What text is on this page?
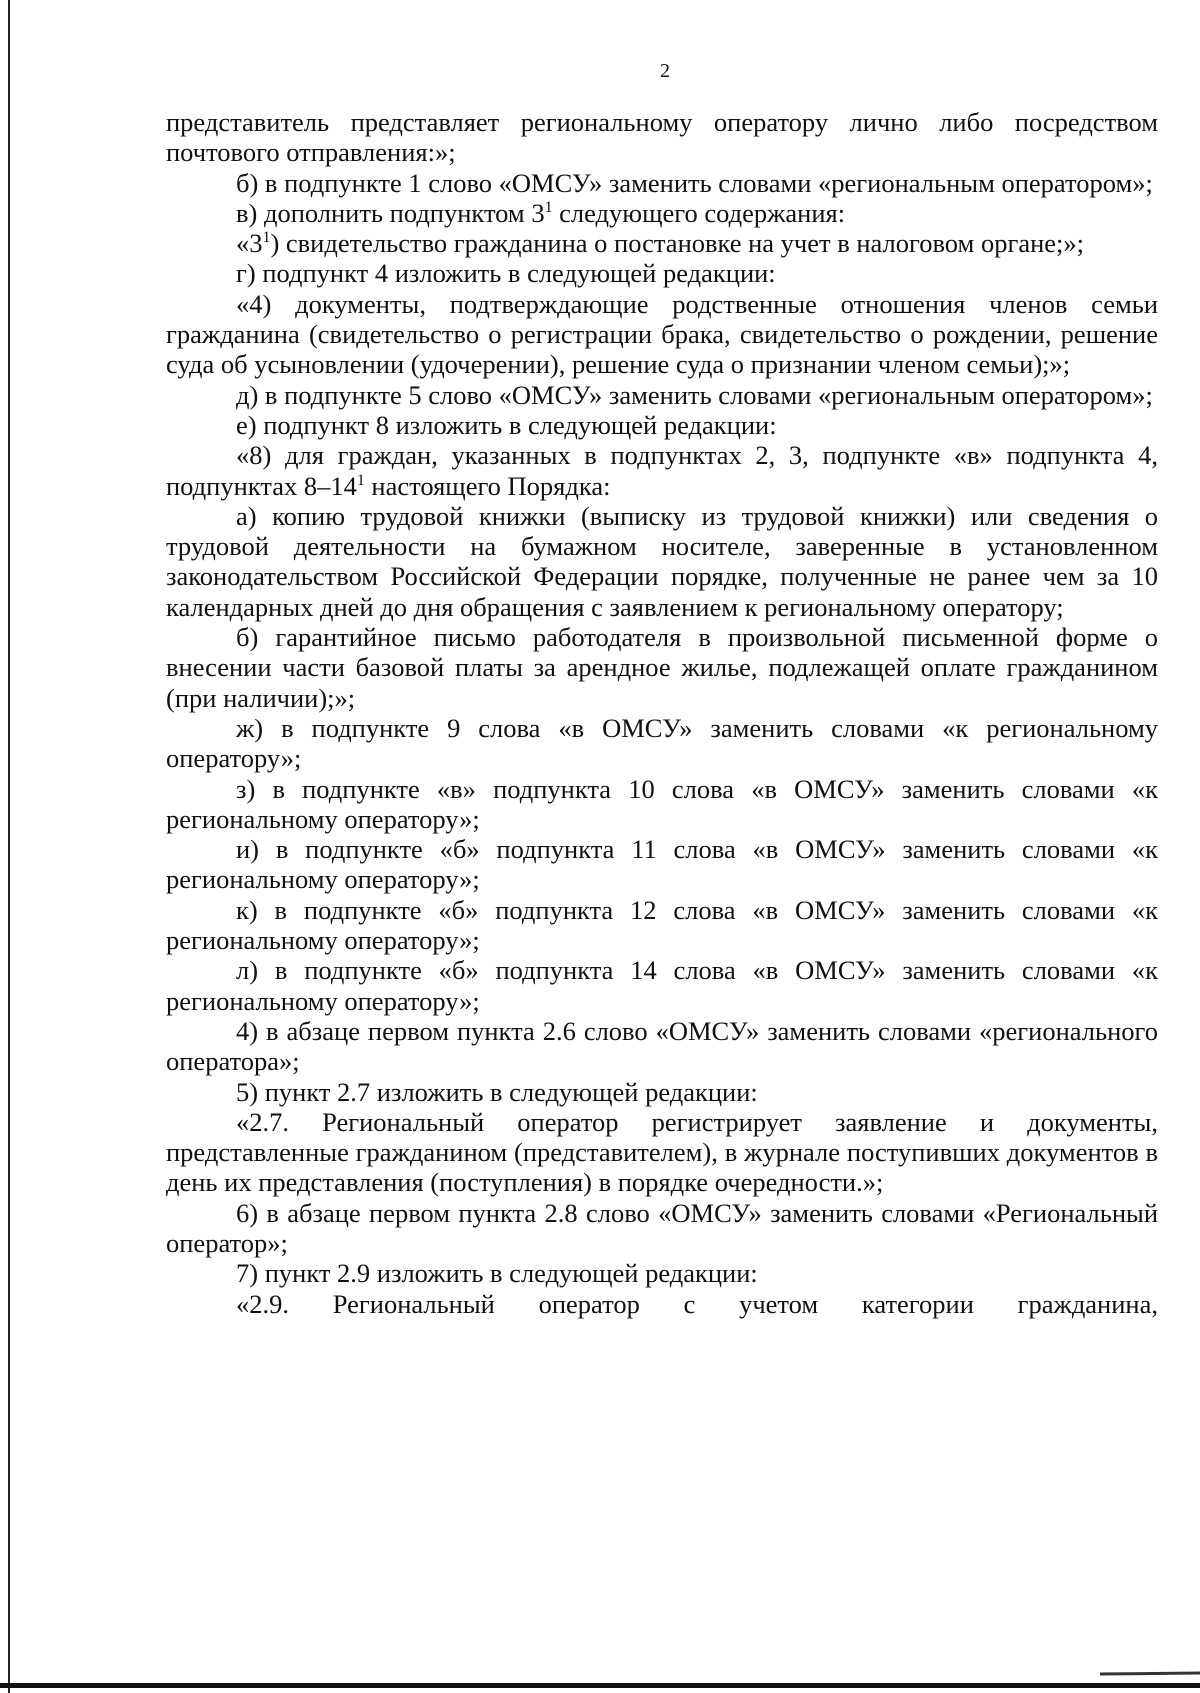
2

представитель представляет региональному оператору лично либо посредством почтового отправления:»;

б) в подпункте 1 слово «ОМСУ» заменить словами «региональным оператором»;

в) дополнить подпунктом $3^1$ следующего содержания:

«$3^1$) свидетельство гражданина о постановке на учет в налоговом органе;»;

г) подпункт 4 изложить в следующей редакции:

«4) документы, подтверждающие родственные отношения членов семьи гражданина (свидетельство о регистрации брака, свидетельство о рождении, решение суда об усыновлении (удочерении), решение суда о признании членом семьи);»;

д) в подпункте 5 слово «ОМСУ» заменить словами «региональным оператором»;

е) подпункт 8 изложить в следующей редакции:

«8) для граждан, указанных в подпунктах 2, 3, подпункте «в» подпункта 4, подпунктах $8-14^1$ настоящего Порядка:

а) копию трудовой книжки (выписку из трудовой книжки) или сведения о трудовой деятельности на бумажном носителе, заверенные в установленном законодательством Российской Федерации порядке, полученные не ранее чем за 10 календарных дней до дня обращения с заявлением к региональному оператору;

б) гарантийное письмо работодателя в произвольной письменной форме о внесении части базовой платы за арендное жилье, подлежащей оплате гражданином (при наличии);»;

ж) в подпункте 9 слова «в ОМСУ» заменить словами «к региональному оператору»;

з) в подпункте «в» подпункта 10 слова «в ОМСУ» заменить словами «к региональному оператору»;

и) в подпункте «б» подпункта 11 слова «в ОМСУ» заменить словами «к региональному оператору»;

к) в подпункте «б» подпункта 12 слова «в ОМСУ» заменить словами «к региональному оператору»;

л) в подпункте «б» подпункта 14 слова «в ОМСУ» заменить словами «к региональному оператору»;

4) в абзаце первом пункта 2.6 слово «ОМСУ» заменить словами «регионального оператора»;

5) пункт 2.7 изложить в следующей редакции:

«2.7. Региональный оператор регистрирует заявление и документы, представленные гражданином (представителем), в журнале поступивших документов в день их представления (поступления) в порядке очередности.»;

6) в абзаце первом пункта 2.8 слово «ОМСУ» заменить словами «Региональный оператор»;

7) пункт 2.9 изложить в следующей редакции:

«2.9. Региональный оператор с учетом категории гражданина,
